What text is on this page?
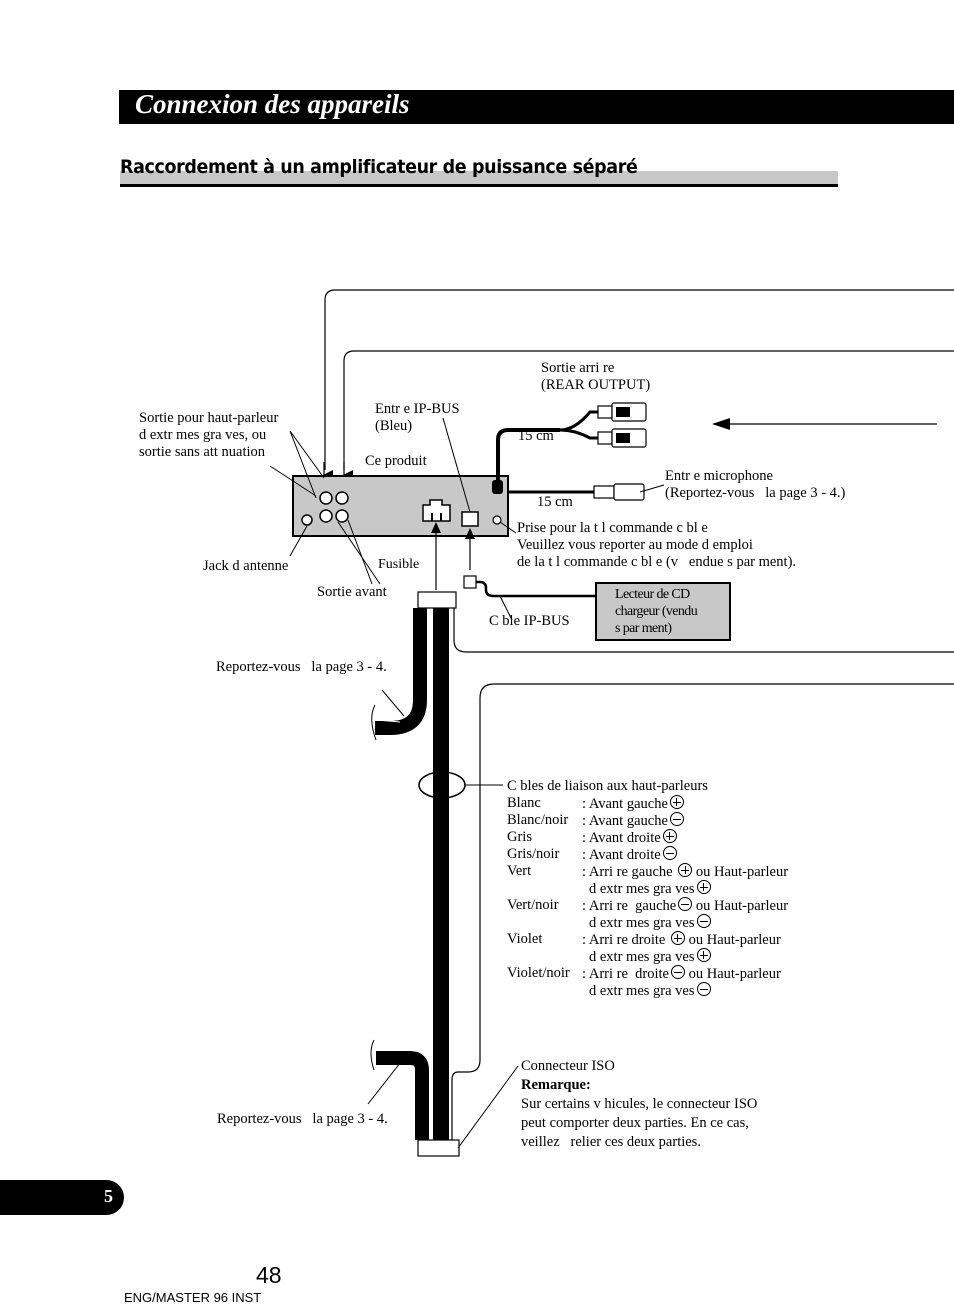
Connexion des appareils
Raccordement à un amplificateur de puissance séparé
Sortie pour haut-parleur
d extr mes gra ves, ou
sortie sans att nuation
Entr e IP-BUS
(Bleu)
Ce produit
Sortie arri re
(REAR OUTPUT)
15 cm
15 cm
Entr e microphone
(Reportez-vous   la page 3 - 4.)
Prise pour la t l commande c bl e
Veuillez vous reporter au mode d emploi
de la t l commande c bl e (v   endue s par ment).
Jack d antenne	Fusible
Sortie avant
C ble IP-BUS
Lecteur de CD
chargeur (vendu
s par ment)
Reportez-vous   la page 3 - 4.
Reportez-vous   la page 3 - 4.
C bles de liaison aux haut-parleurs
Blanc	: Avant gauche
Blanc/noir : Avant gauche
Gris	: Avant droite
Gris/noir : Avant droite
Vert	: Arri re gauche  ou Haut-parleur
d extr mes gra ves
Vert/noir : Arri re  gauche ou Haut-parleur
d extr mes gra ves
Violet	: Arri re droite  ou Haut-parleur
d extr mes gra ves
Violet/noir : Arri re  droite ou Haut-parleur
d extr mes gra ves
Connecteur ISO
Remarque:
Sur certains v hicules, le connecteur ISO
peut comporter deux parties. En ce cas,
veillez   relier ces deux parties.
5
48
ENG/MASTER 96 INST
